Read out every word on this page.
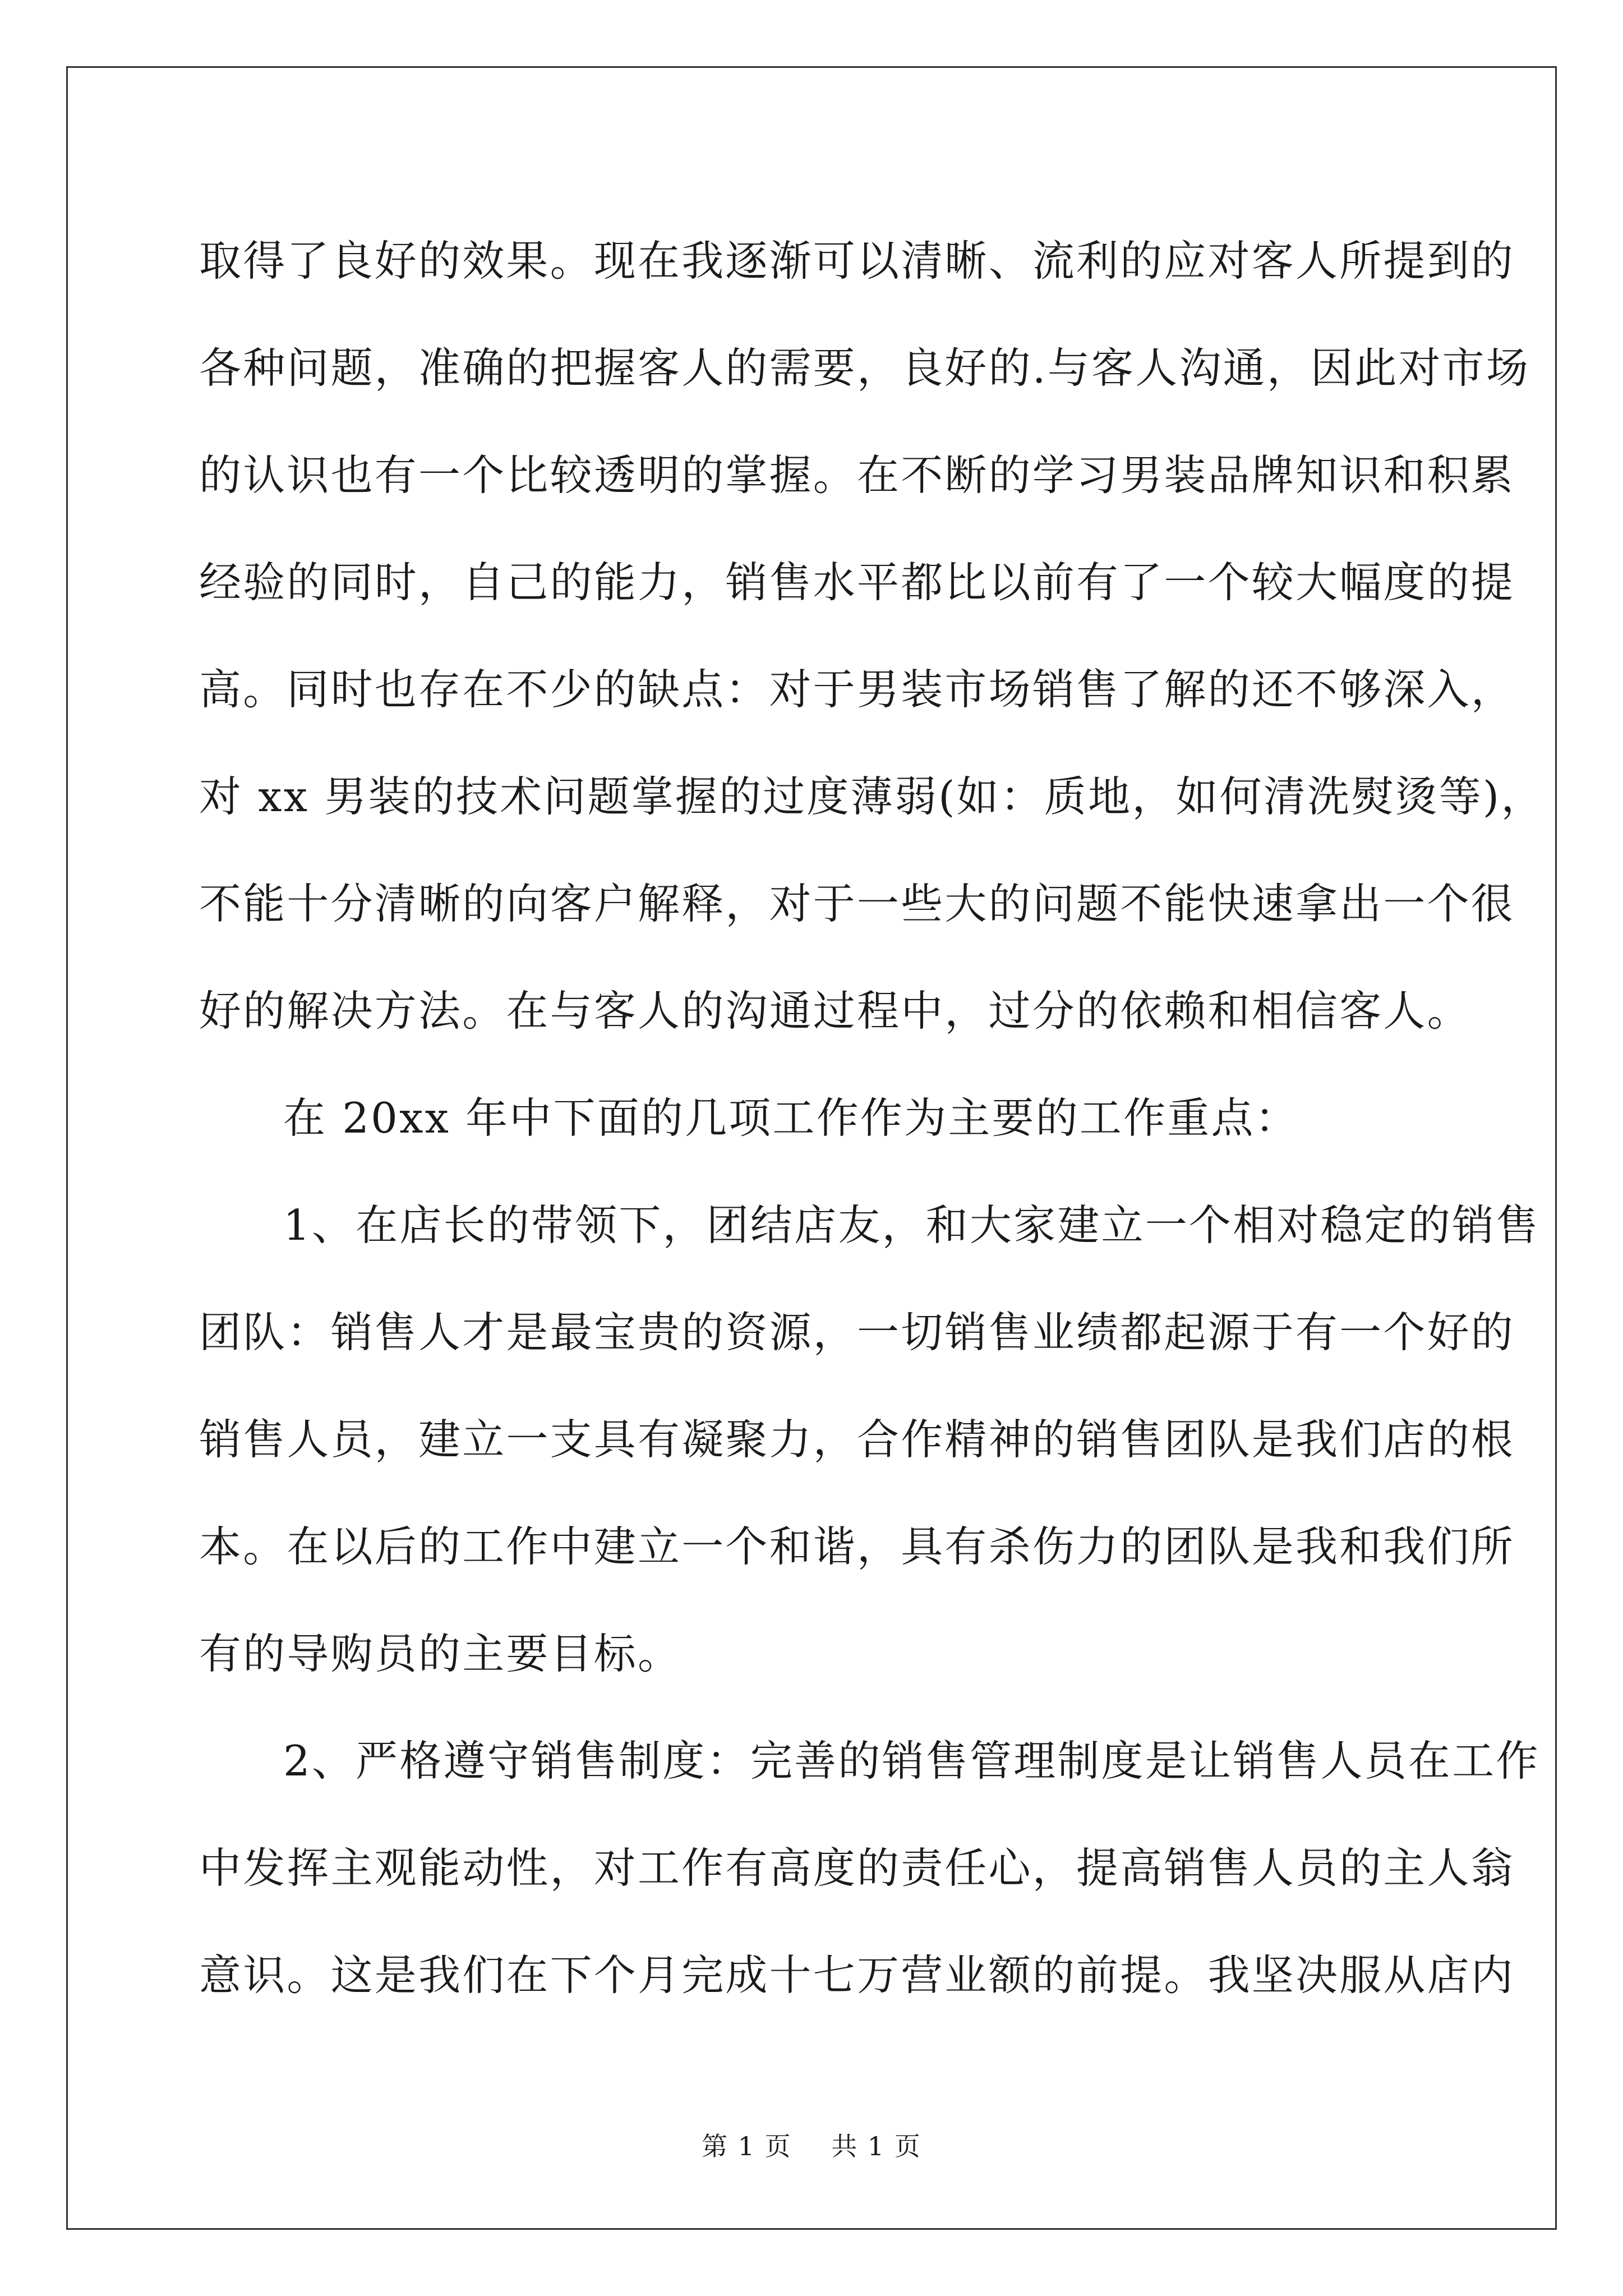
取得了良好的效果。现在我逐渐可以清晰、流利的应对客人所提到的
各种问题，准确的把握客人的需要，良好的.与客人沟通，因此对市场
的认识也有一个比较透明的掌握。在不断的学习男装品牌知识和积累
经验的同时，自己的能力，销售水平都比以前有了一个较大幅度的提
高。同时也存在不少的缺点：对于男装市场销售了解的还不够深入，
对 xx 男装的技术问题掌握的过度薄弱(如：质地，如何清洗熨烫等)，
不能十分清晰的向客户解释，对于一些大的问题不能快速拿出一个很
好的解决方法。在与客人的沟通过程中，过分的依赖和相信客人。
在 20xx 年中下面的几项工作作为主要的工作重点：
1、在店长的带领下，团结店友，和大家建立一个相对稳定的销售
团队：销售人才是最宝贵的资源，一切销售业绩都起源于有一个好的
销售人员，建立一支具有凝聚力，合作精神的销售团队是我们店的根
本。在以后的工作中建立一个和谐，具有杀伤力的团队是我和我们所
有的导购员的主要目标。
2、严格遵守销售制度：完善的销售管理制度是让销售人员在工作
中发挥主观能动性，对工作有高度的责任心，提高销售人员的主人翁
意识。这是我们在下个月完成十七万营业额的前提。我坚决服从店内
第 1 页 共 1 页
